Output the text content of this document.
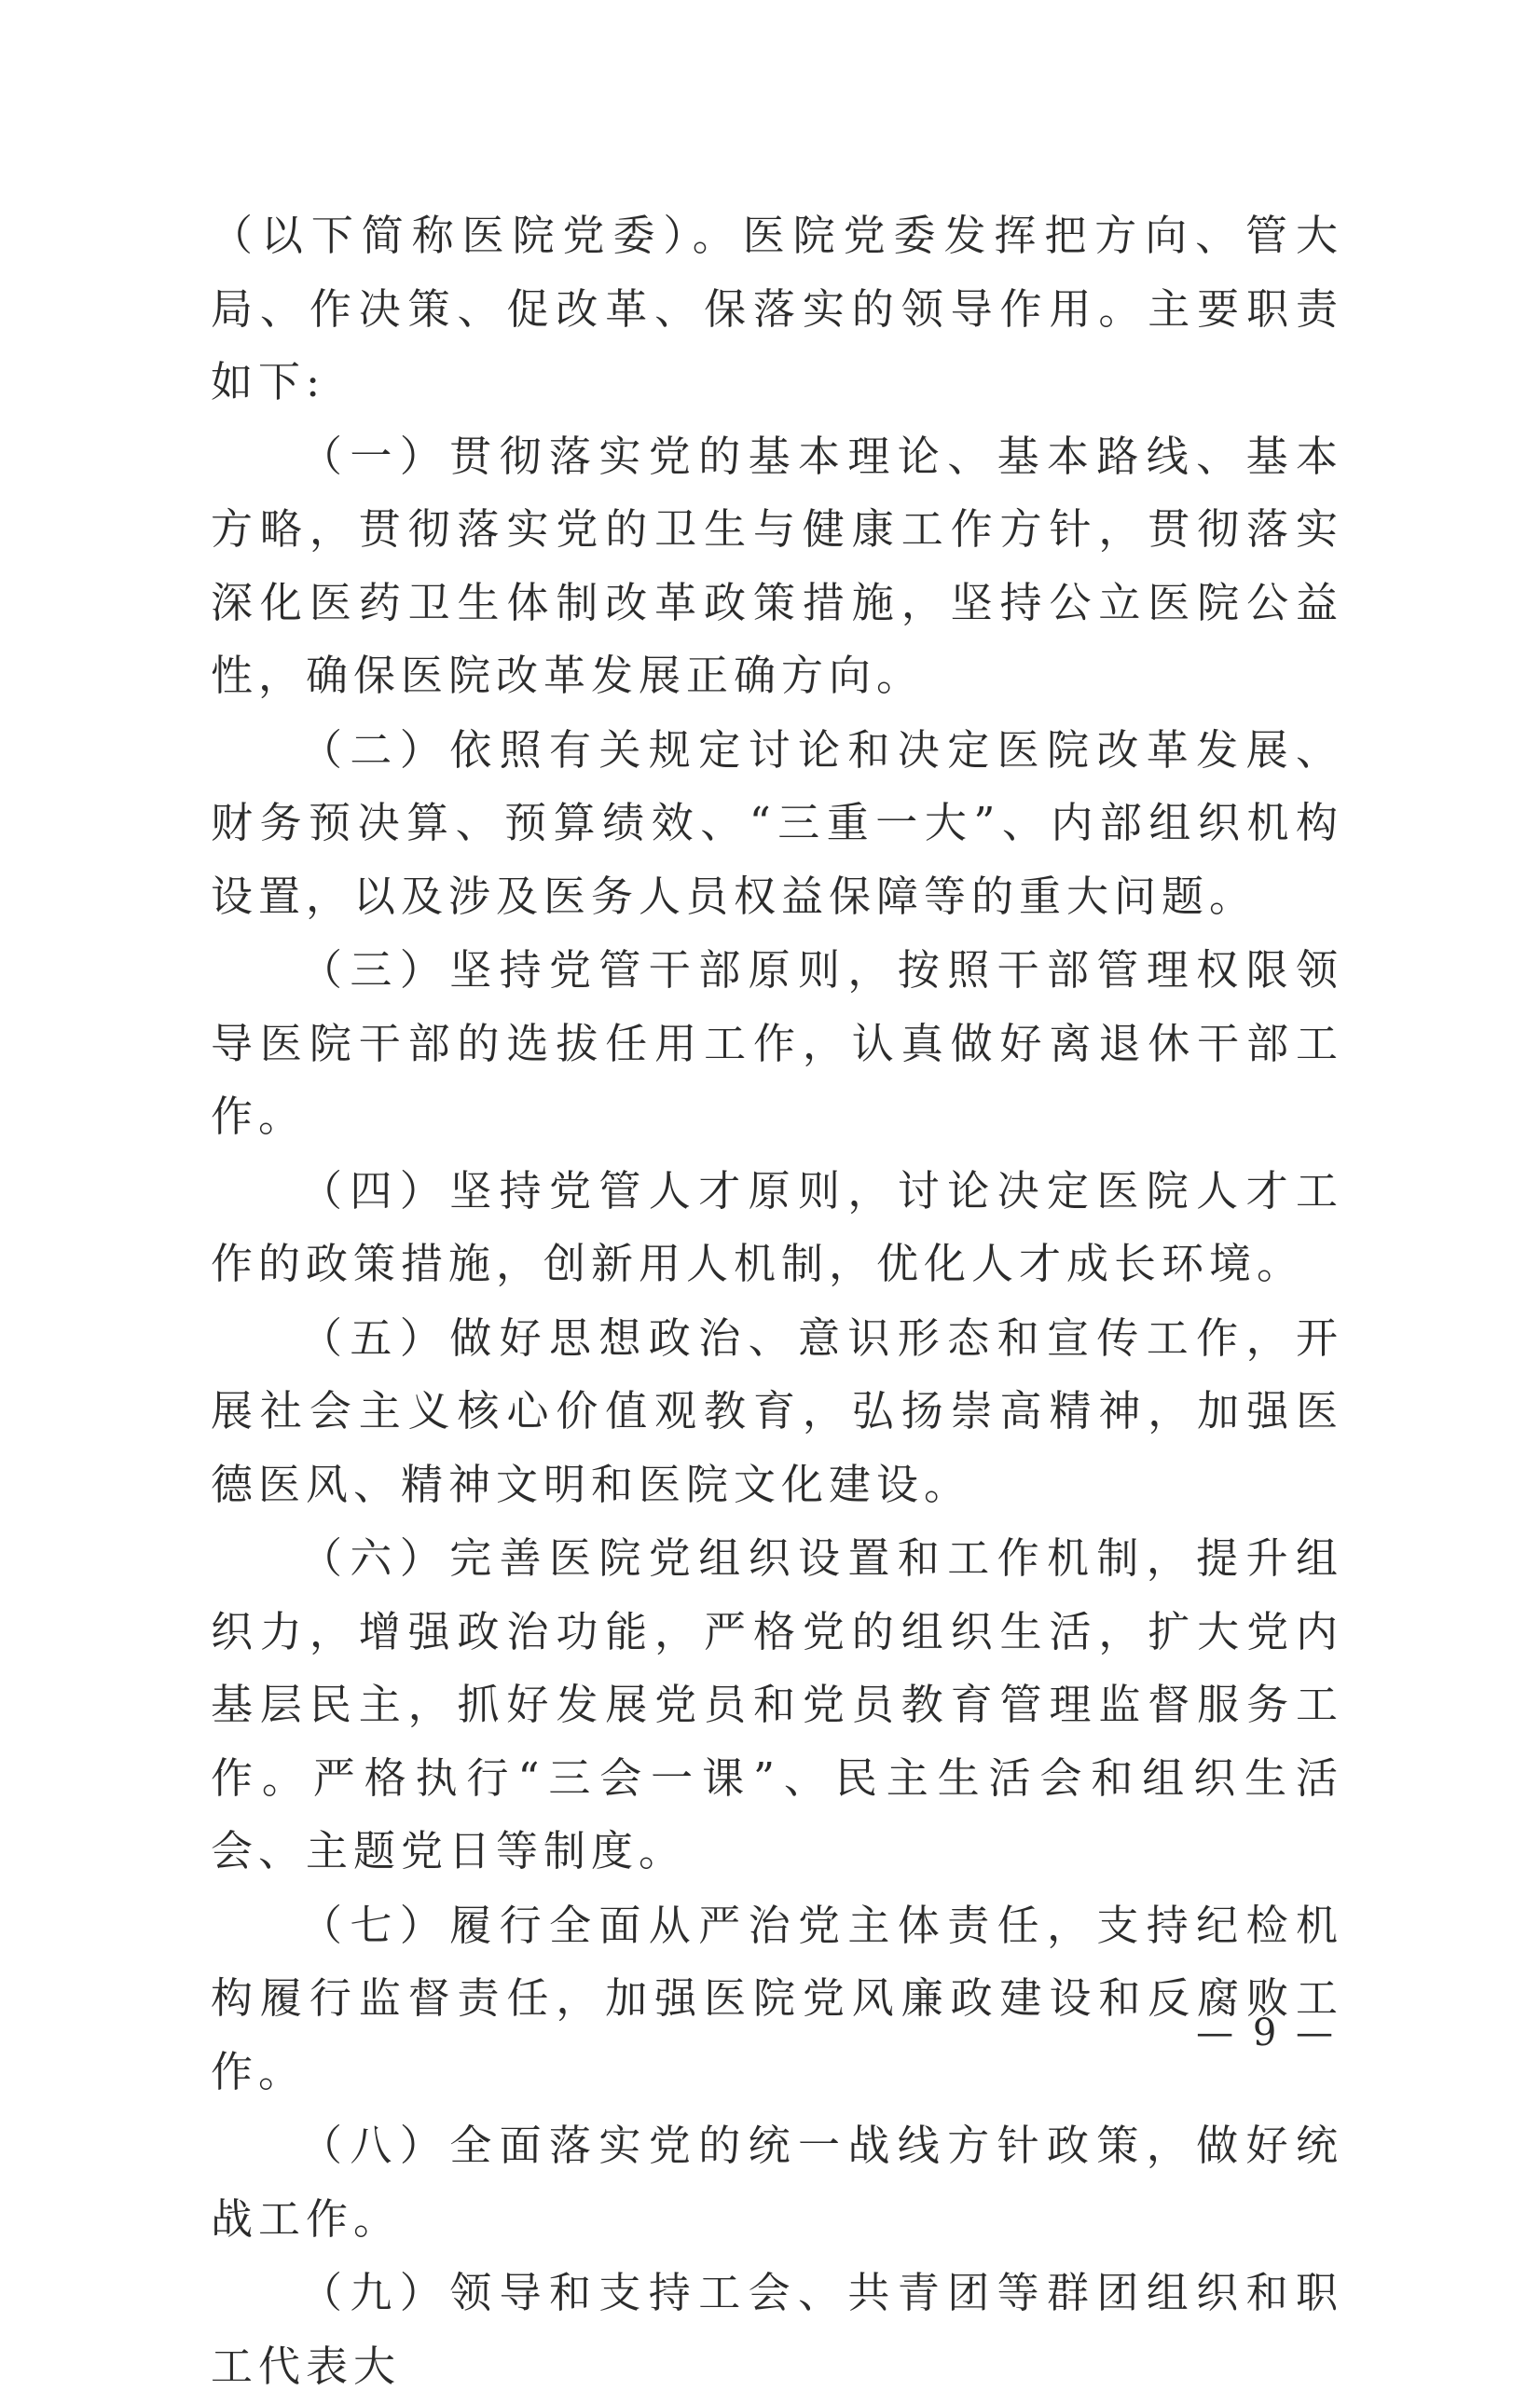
（以下简称医院党委）。医院党委发挥把方向、管大局、作决策、促改革、保落实的领导作用。主要职责如下:

（一）贯彻落实党的基本理论、基本路线、基本方略，贯彻落实党的卫生与健康工作方针，贯彻落实深化医药卫生体制改革政策措施，坚持公立医院公益性，确保医院改革发展正确方向。

（二）依照有关规定讨论和决定医院改革发展、财务预决算、预算绩效、“三重一大”、内部组织机构设置，以及涉及医务人员权益保障等的重大问题。

（三）坚持党管干部原则，按照干部管理权限领导医院干部的选拔任用工作，认真做好离退休干部工作。

（四）坚持党管人才原则，讨论决定医院人才工作的政策措施，创新用人机制，优化人才成长环境。

（五）做好思想政治、意识形态和宣传工作，开展社会主义核心价值观教育，弘扬崇高精神，加强医德医风、精神文明和医院文化建设。

（六）完善医院党组织设置和工作机制，提升组织力，增强政治功能，严格党的组织生活，扩大党内基层民主，抓好发展党员和党员教育管理监督服务工作。严格执行“三会一课”、民主生活会和组织生活会、主题党日等制度。

（七）履行全面从严治党主体责任，支持纪检机构履行监督责任，加强医院党风廉政建设和反腐败工作。

（八）全面落实党的统一战线方针政策，做好统战工作。

（九）领导和支持工会、共青团等群团组织和职工代表大

— 9 —
